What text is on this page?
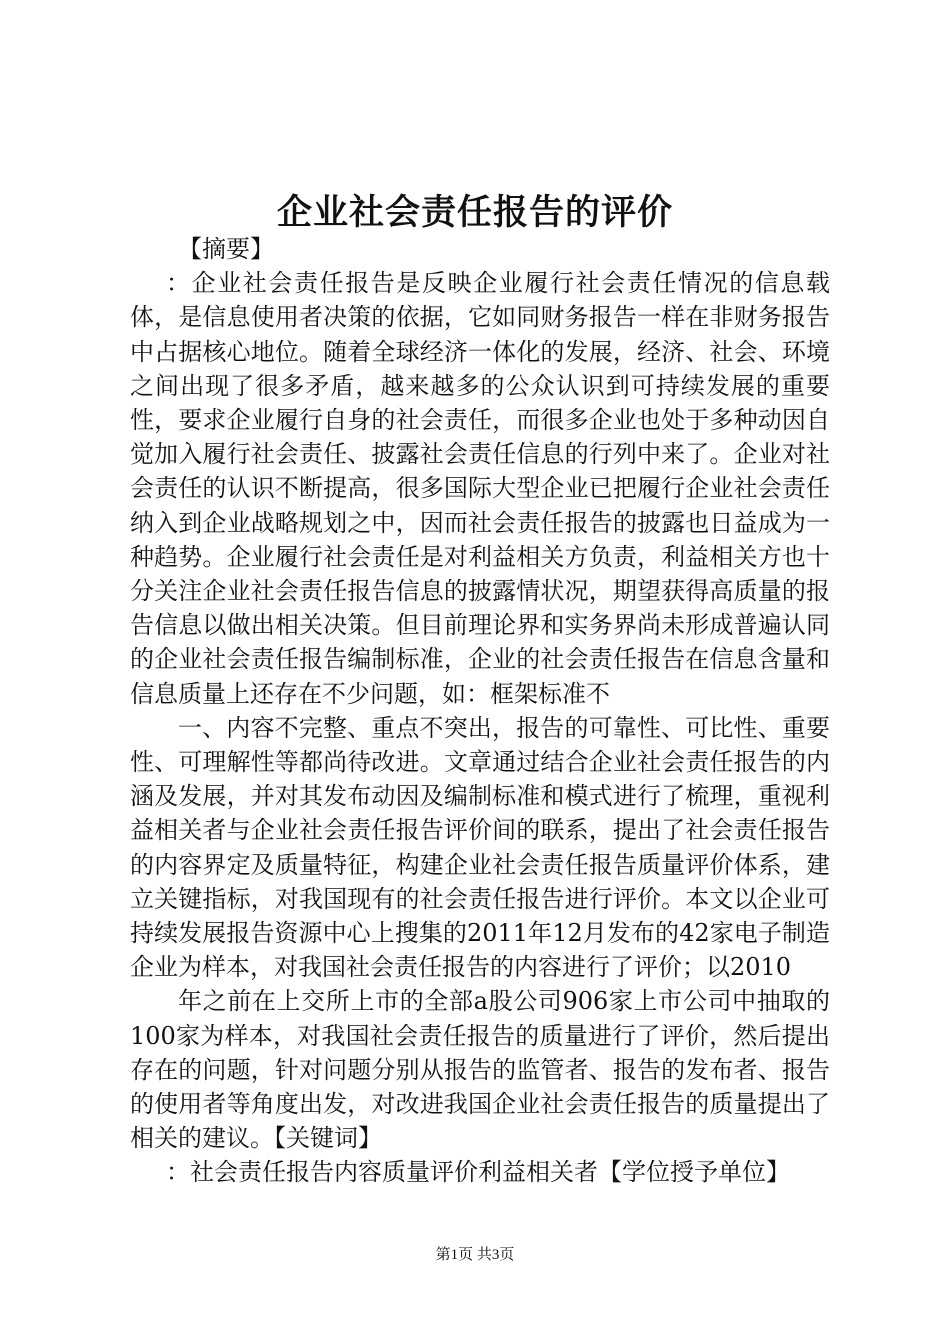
企业社会责任报告的评价

【摘要】

：企业社会责任报告是反映企业履行社会责任情况的信息载体，是信息使用者决策的依据，它如同财务报告一样在非财务报告中占据核心地位。随着全球经济一体化的发展，经济、社会、环境之间出现了很多矛盾，越来越多的公众认识到可持续发展的重要性，要求企业履行自身的社会责任，而很多企业也处于多种动因自觉加入履行社会责任、披露社会责任信息的行列中来了。企业对社会责任的认识不断提高，很多国际大型企业已把履行企业社会责任纳入到企业战略规划之中，因而社会责任报告的披露也日益成为一种趋势。企业履行社会责任是对利益相关方负责，利益相关方也十分关注企业社会责任报告信息的披露情状况，期望获得高质量的报告信息以做出相关决策。但目前理论界和实务界尚未形成普遍认同的企业社会责任报告编制标准，企业的社会责任报告在信息含量和信息质量上还存在不少问题，如：框架标准不

一、内容不完整、重点不突出，报告的可靠性、可比性、重要性、可理解性等都尚待改进。文章通过结合企业社会责任报告的内涵及发展，并对其发布动因及编制标准和模式进行了梳理，重视利益相关者与企业社会责任报告评价间的联系，提出了社会责任报告的内容界定及质量特征，构建企业社会责任报告质量评价体系，建立关键指标，对我国现有的社会责任报告进行评价。本文以企业可持续发展报告资源中心上搜集的2011年12月发布的42家电子制造企业为样本，对我国社会责任报告的内容进行了评价；以2010

年之前在上交所上市的全部a股公司906家上市公司中抽取的100家为样本，对我国社会责任报告的质量进行了评价，然后提出存在的问题，针对问题分别从报告的监管者、报告的发布者、报告的使用者等角度出发，对改进我国企业社会责任报告的质量提出了相关的建议。【关键词】

：社会责任报告内容质量评价利益相关者【学位授予单位】

第1页 共3页
